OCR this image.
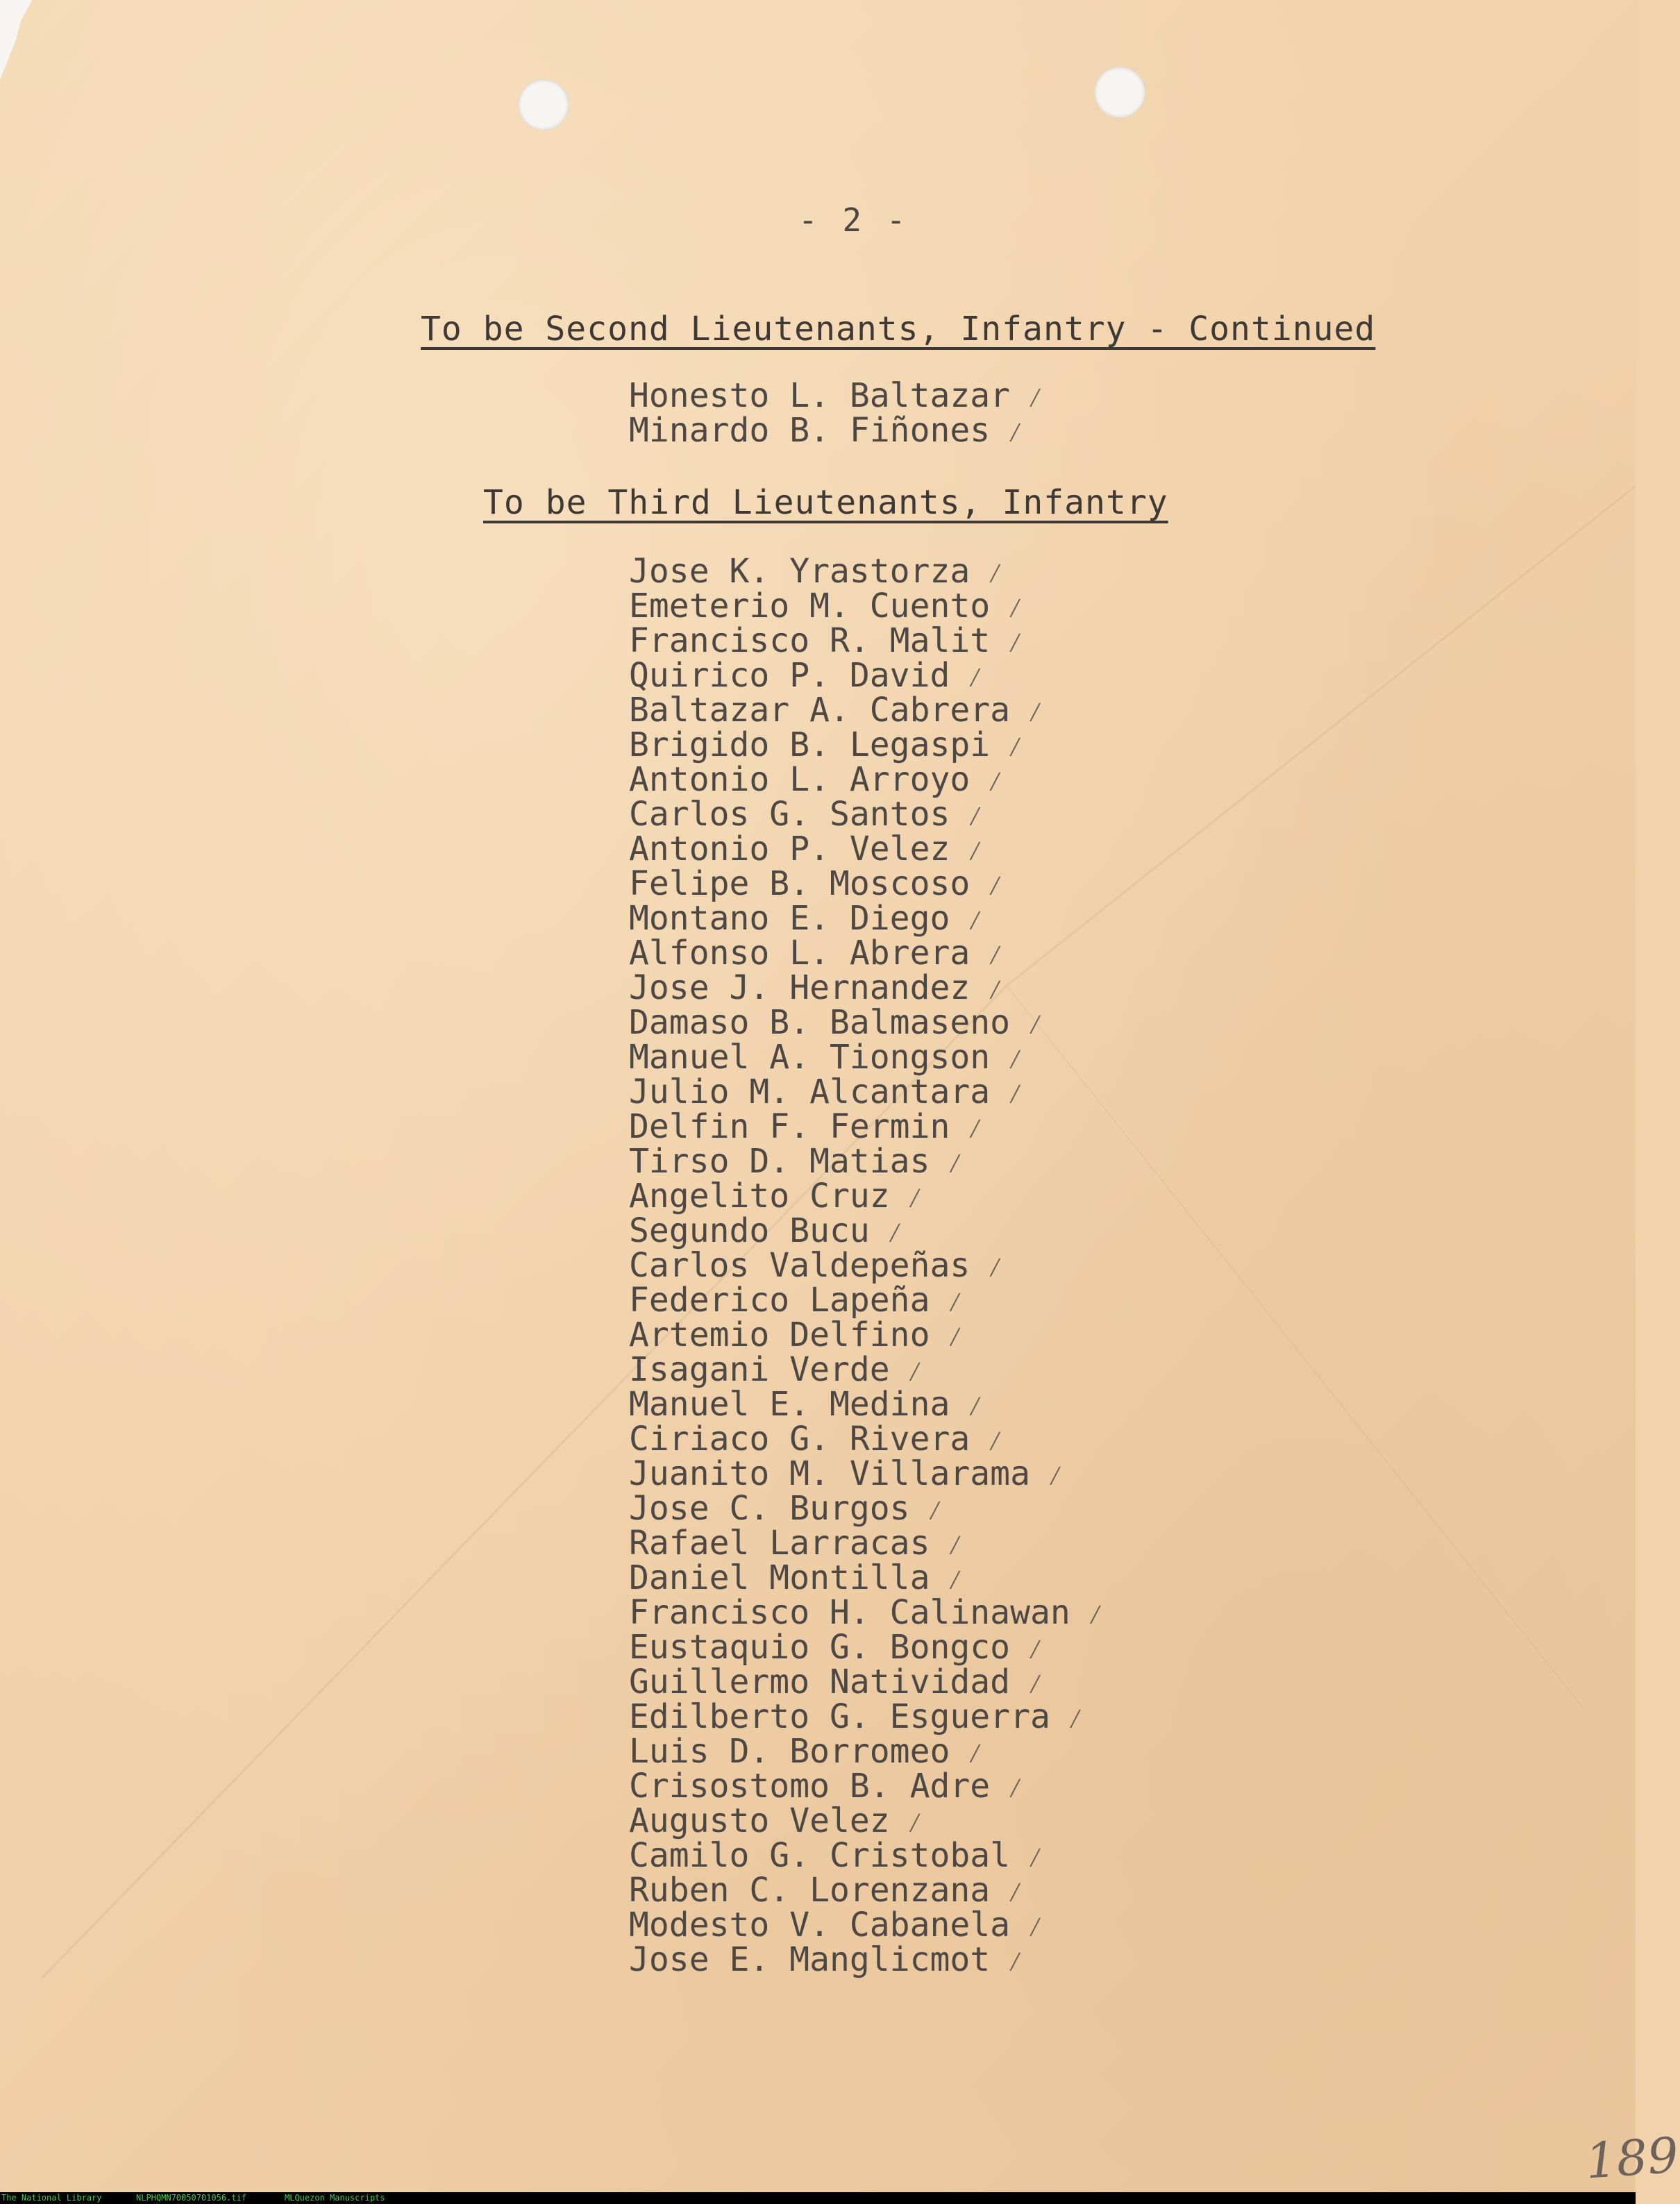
- 2 -
To be Second Lieutenants, Infantry - Continued
Honesto L. Baltazar ⁄
Minardo B. Fiñones ⁄
To be Third Lieutenants, Infantry
Jose K. Yrastorza ⁄
Emeterio M. Cuento ⁄
Francisco R. Malit ⁄
Quirico P. David ⁄
Baltazar A. Cabrera ⁄
Brigido B. Legaspi ⁄
Antonio L. Arroyo ⁄
Carlos G. Santos ⁄
Antonio P. Velez ⁄
Felipe B. Moscoso ⁄
Montano E. Diego ⁄
Alfonso L. Abrera ⁄
Jose J. Hernandez ⁄
Damaso B. Balmaseno ⁄
Manuel A. Tiongson ⁄
Julio M. Alcantara ⁄
Delfin F. Fermin ⁄
Tirso D. Matias ⁄
Angelito Cruz ⁄
Segundo Bucu ⁄
Carlos Valdepeñas ⁄
Federico Lapeña ⁄
Artemio Delfino ⁄
Isagani Verde ⁄
Manuel E. Medina ⁄
Ciriaco G. Rivera ⁄
Juanito M. Villarama ⁄
Jose C. Burgos ⁄
Rafael Larracas ⁄
Daniel Montilla ⁄
Francisco H. Calinawan ⁄
Eustaquio G. Bongco ⁄
Guillermo Natividad ⁄
Edilberto G. Esguerra ⁄
Luis D. Borromeo ⁄
Crisostomo B. Adre ⁄
Augusto Velez ⁄
Camilo G. Cristobal ⁄
Ruben C. Lorenzana ⁄
Modesto V. Cabanela ⁄
Jose E. Manglicmot ⁄
189
The National Library	NLPHQMN70050701056.tif	MLQuezon Manuscripts
